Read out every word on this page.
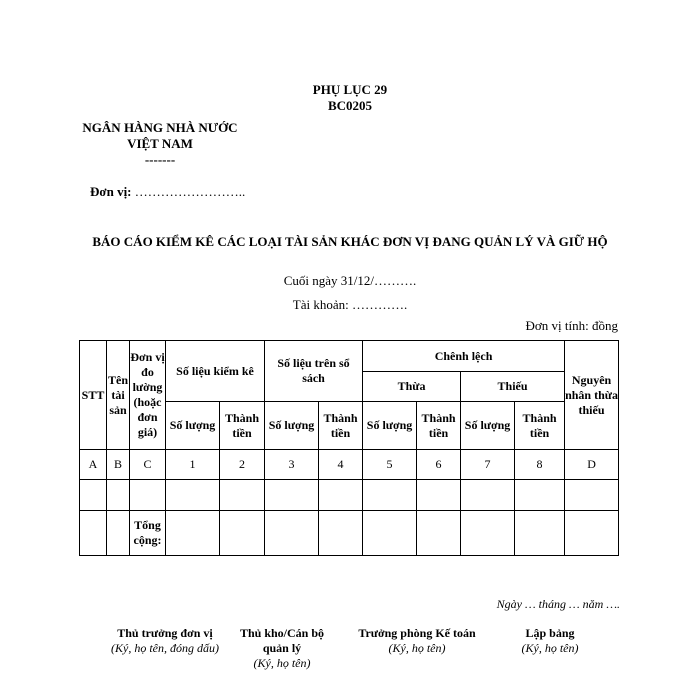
PHỤ LỤC 29
BC0205
NGÂN HÀNG NHÀ NƯỚC
VIỆT NAM
-------
Đơn vị: ……………………..
BÁO CÁO KIỂM KÊ CÁC LOẠI TÀI SẢN KHÁC ĐƠN VỊ ĐANG QUẢN LÝ VÀ GIỮ HỘ
Cuối ngày 31/12/……….
Tài khoản: ………….
Đơn vị tính: đồng
STT	Tên tài sản	Đơn vị đo lường (hoặc đơn giá)	Số liệu kiểm kê		Số liệu trên sổ sách		Chênh lệch				Nguyên nhân thừa thiếu
							Thừa		Thiếu		
			Số lượng	Thành tiền	Số lượng	Thành tiền	Số lượng	Thành tiền	Số lượng	Thành tiền	
A	B	C	1	2	3	4	5	6	7	8	D

		Tổng cộng:									
Ngày … tháng … năm ….
Thủ trưởng đơn vị
(Ký, họ tên, đóng dấu)
Thủ kho/Cán bộ quản lý
(Ký, họ tên)
Trưởng phòng Kế toán
(Ký, họ tên)
Lập bảng
(Ký, họ tên)
